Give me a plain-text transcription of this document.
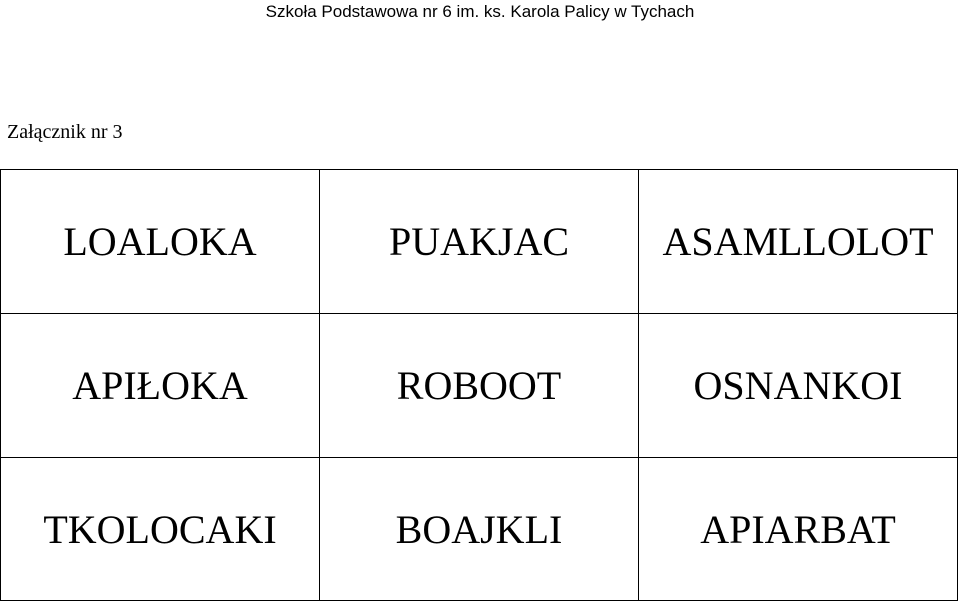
Szkoła Podstawowa nr 6 im. ks. Karola Palicy w Tychach
Załącznik nr 3
LOALOKA	PUAKJAC	ASAMLLOLOT
APIŁOKA	ROBOOT	OSNANKOI
TKOLOCAKI	BOAJKLI	APIARBAT
